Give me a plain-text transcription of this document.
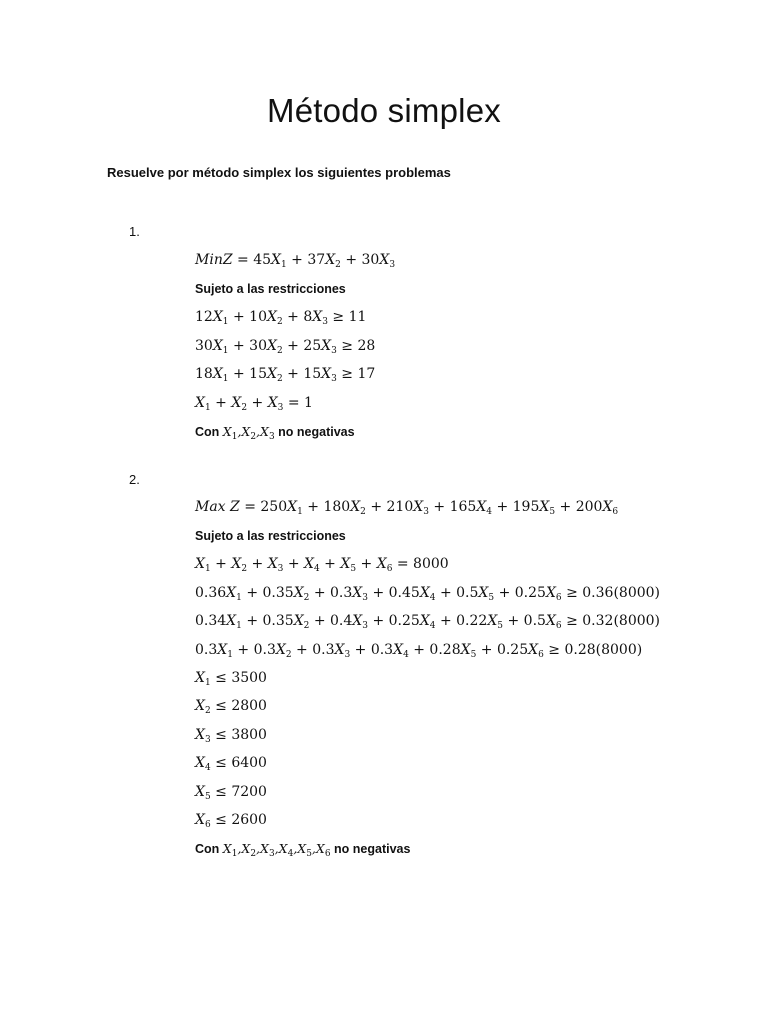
Método simplex
Resuelve por método simplex los siguientes problemas
1.
MinZ = $45X_1 + 37X_2 + 30X_3$
Sujeto a las restricciones
$12X_1 + 10X_2 + 8X_3 \ge 11$
$30X_1 + 30X_2 + 25X_3 \ge 28$
$18X_1 + 15X_2 + 15X_3 \ge 17$
$X_1 + X_2 + X_3 = 1$
Con $X_1,X_2,X_3$ no negativas
2.
Max $Z = 250X_1 + 180X_2 + 210X_3 + 165X_4 + 195X_5 + 200X_6$
Sujeto a las restricciones
$X_1 + X_2 + X_3 + X_4 + X_5 + X_6 = 8000$
$0.36X_1 + 0.35X_2 + 0.3X_3 + 0.45X_4 + 0.5X_5 + 0.25X_6 \ge 0.36(8000)$
$0.34X_1 + 0.35X_2 + 0.4X_3 + 0.25X_4 + 0.22X_5 + 0.5X_6 \ge 0.32(8000)$
$0.3X_1 + 0.3X_2 + 0.3X_3 + 0.3X_4 + 0.28X_5 + 0.25X_6 \ge 0.28(8000)$
$X_1 \le 3500$
$X_2 \le 2800$
$X_3 \le 3800$
$X_4 \le 6400$
$X_5 \le 7200$
$X_6 \le 2600$
Con $X_1,X_2,X_3,X_4,X_5,X_6$ no negativas
